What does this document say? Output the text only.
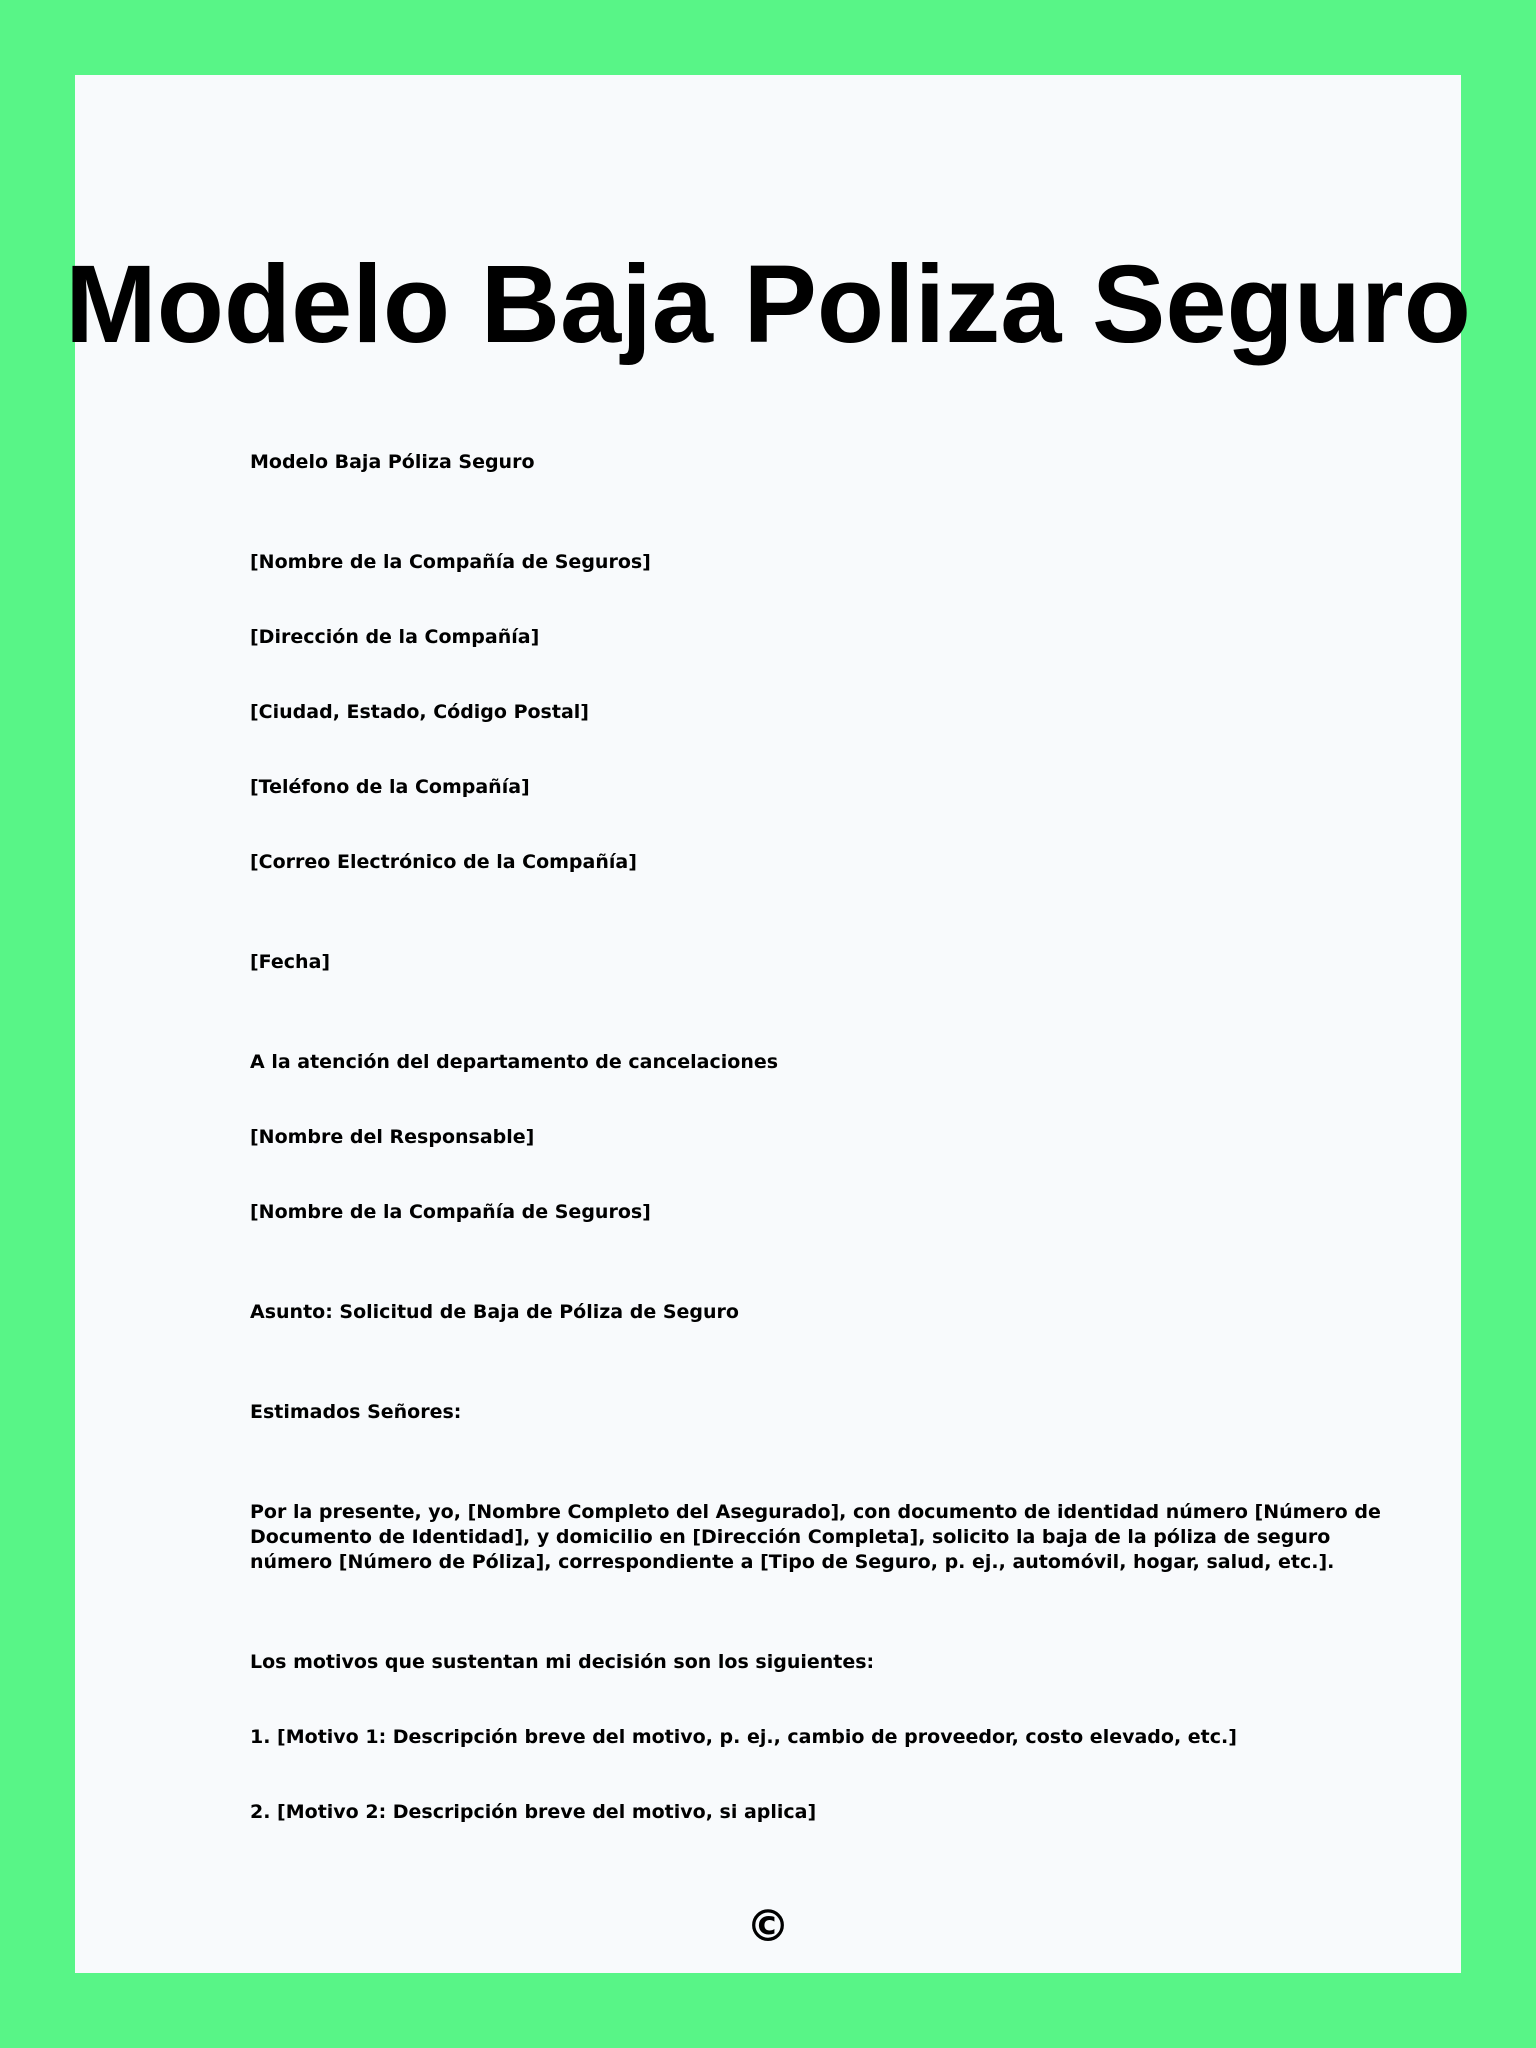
Modelo Baja Poliza Seguro
Modelo Baja Póliza Seguro
[Nombre de la Compañía de Seguros]
[Dirección de la Compañía]
[Ciudad, Estado, Código Postal]
[Teléfono de la Compañía]
[Correo Electrónico de la Compañía]
[Fecha]
A la atención del departamento de cancelaciones
[Nombre del Responsable]
[Nombre de la Compañía de Seguros]
Asunto: Solicitud de Baja de Póliza de Seguro
Estimados Señores:
Por la presente, yo, [Nombre Completo del Asegurado], con documento de identidad número [Número de
Documento de Identidad], y domicilio en [Dirección Completa], solicito la baja de la póliza de seguro
número [Número de Póliza], correspondiente a [Tipo de Seguro, p. ej., automóvil, hogar, salud, etc.].
Los motivos que sustentan mi decisión son los siguientes:
1. [Motivo 1: Descripción breve del motivo, p. ej., cambio de proveedor, costo elevado, etc.]
2. [Motivo 2: Descripción breve del motivo, si aplica]
©
